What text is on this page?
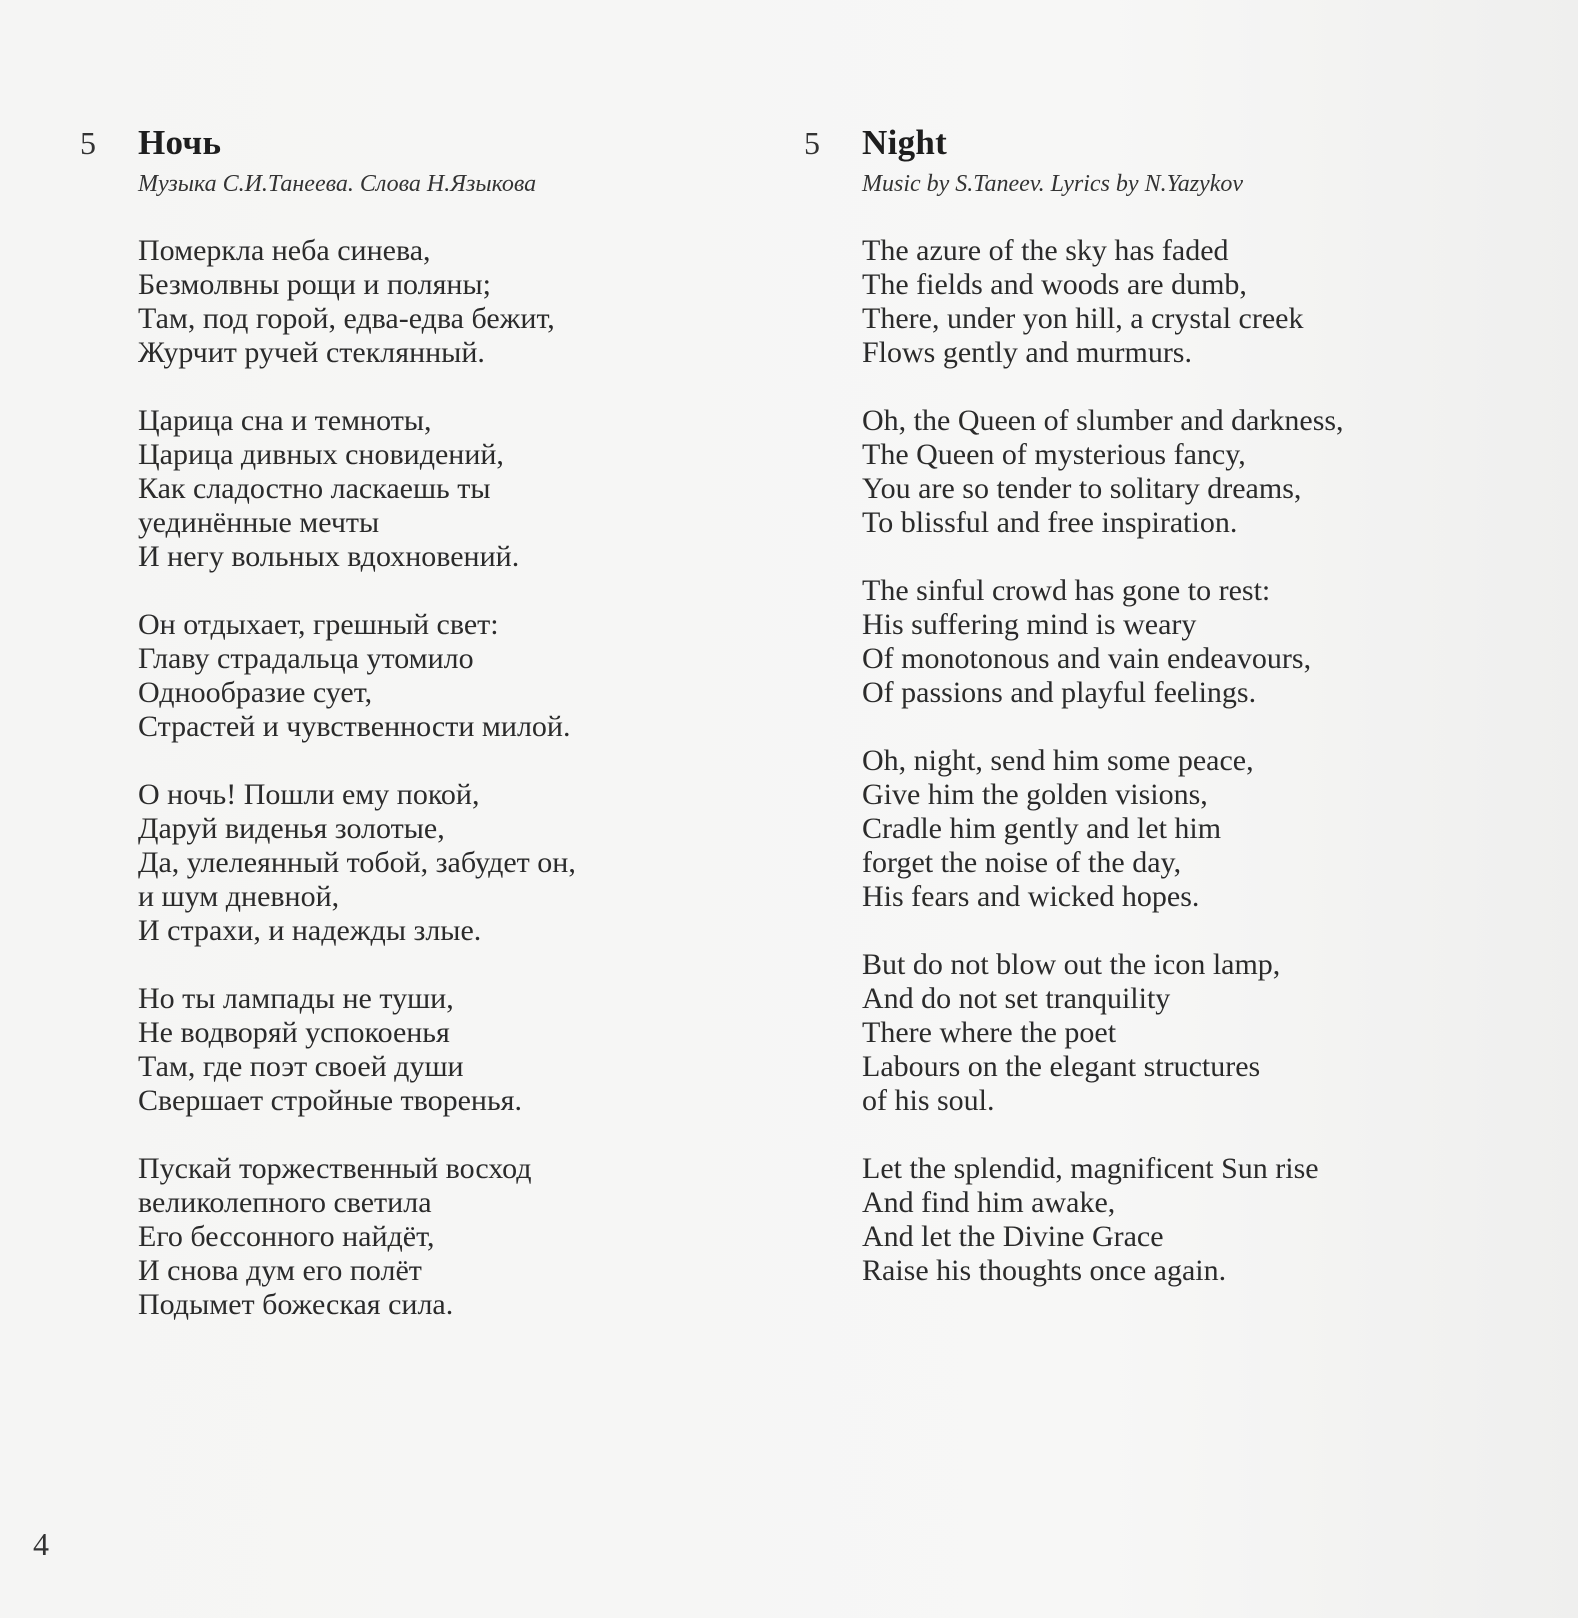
5	Ночь
Музыка С.И.Танеева. Слова Н.Языкова
Померкла неба синева,
Безмолвны рощи и поляны;
Там, под горой, едва-едва бежит,
Журчит ручей стеклянный.
Царица сна и темноты,
Царица дивных сновидений,
Как сладостно ласкаешь ты
уединённые мечты
И негу вольных вдохновений.
Он отдыхает, грешный свет:
Главу страдальца утомило
Однообразие сует,
Страстей и чувственности милой.
О ночь! Пошли ему покой,
Даруй виденья золотые,
Да, улелеянный тобой, забудет он,
и шум дневной,
И страхи, и надежды злые.
Но ты лампады не туши,
Не водворяй успокоенья
Там, где поэт своей души
Свершает стройные творенья.
Пускай торжественный восход
великолепного светила
Его бессонного найдёт,
И снова дум его полёт
Подымет божеская сила.
5	Night
Music by S.Taneev. Lyrics by N.Yazykov
The azure of the sky has faded
The fields and woods are dumb,
There, under yon hill, a crystal creek
Flows gently and murmurs.
Oh, the Queen of slumber and darkness,
The Queen of mysterious fancy,
You are so tender to solitary dreams,
To blissful and free inspiration.
The sinful crowd has gone to rest:
His suffering mind is weary
Of monotonous and vain endeavours,
Of passions and playful feelings.
Oh, night, send him some peace,
Give him the golden visions,
Cradle him gently and let him
forget the noise of the day,
His fears and wicked hopes.
But do not blow out the icon lamp,
And do not set tranquility
There where the poet
Labours on the elegant structures
of his soul.
Let the splendid, magnificent Sun rise
And find him awake,
And let the Divine Grace
Raise his thoughts once again.
4
